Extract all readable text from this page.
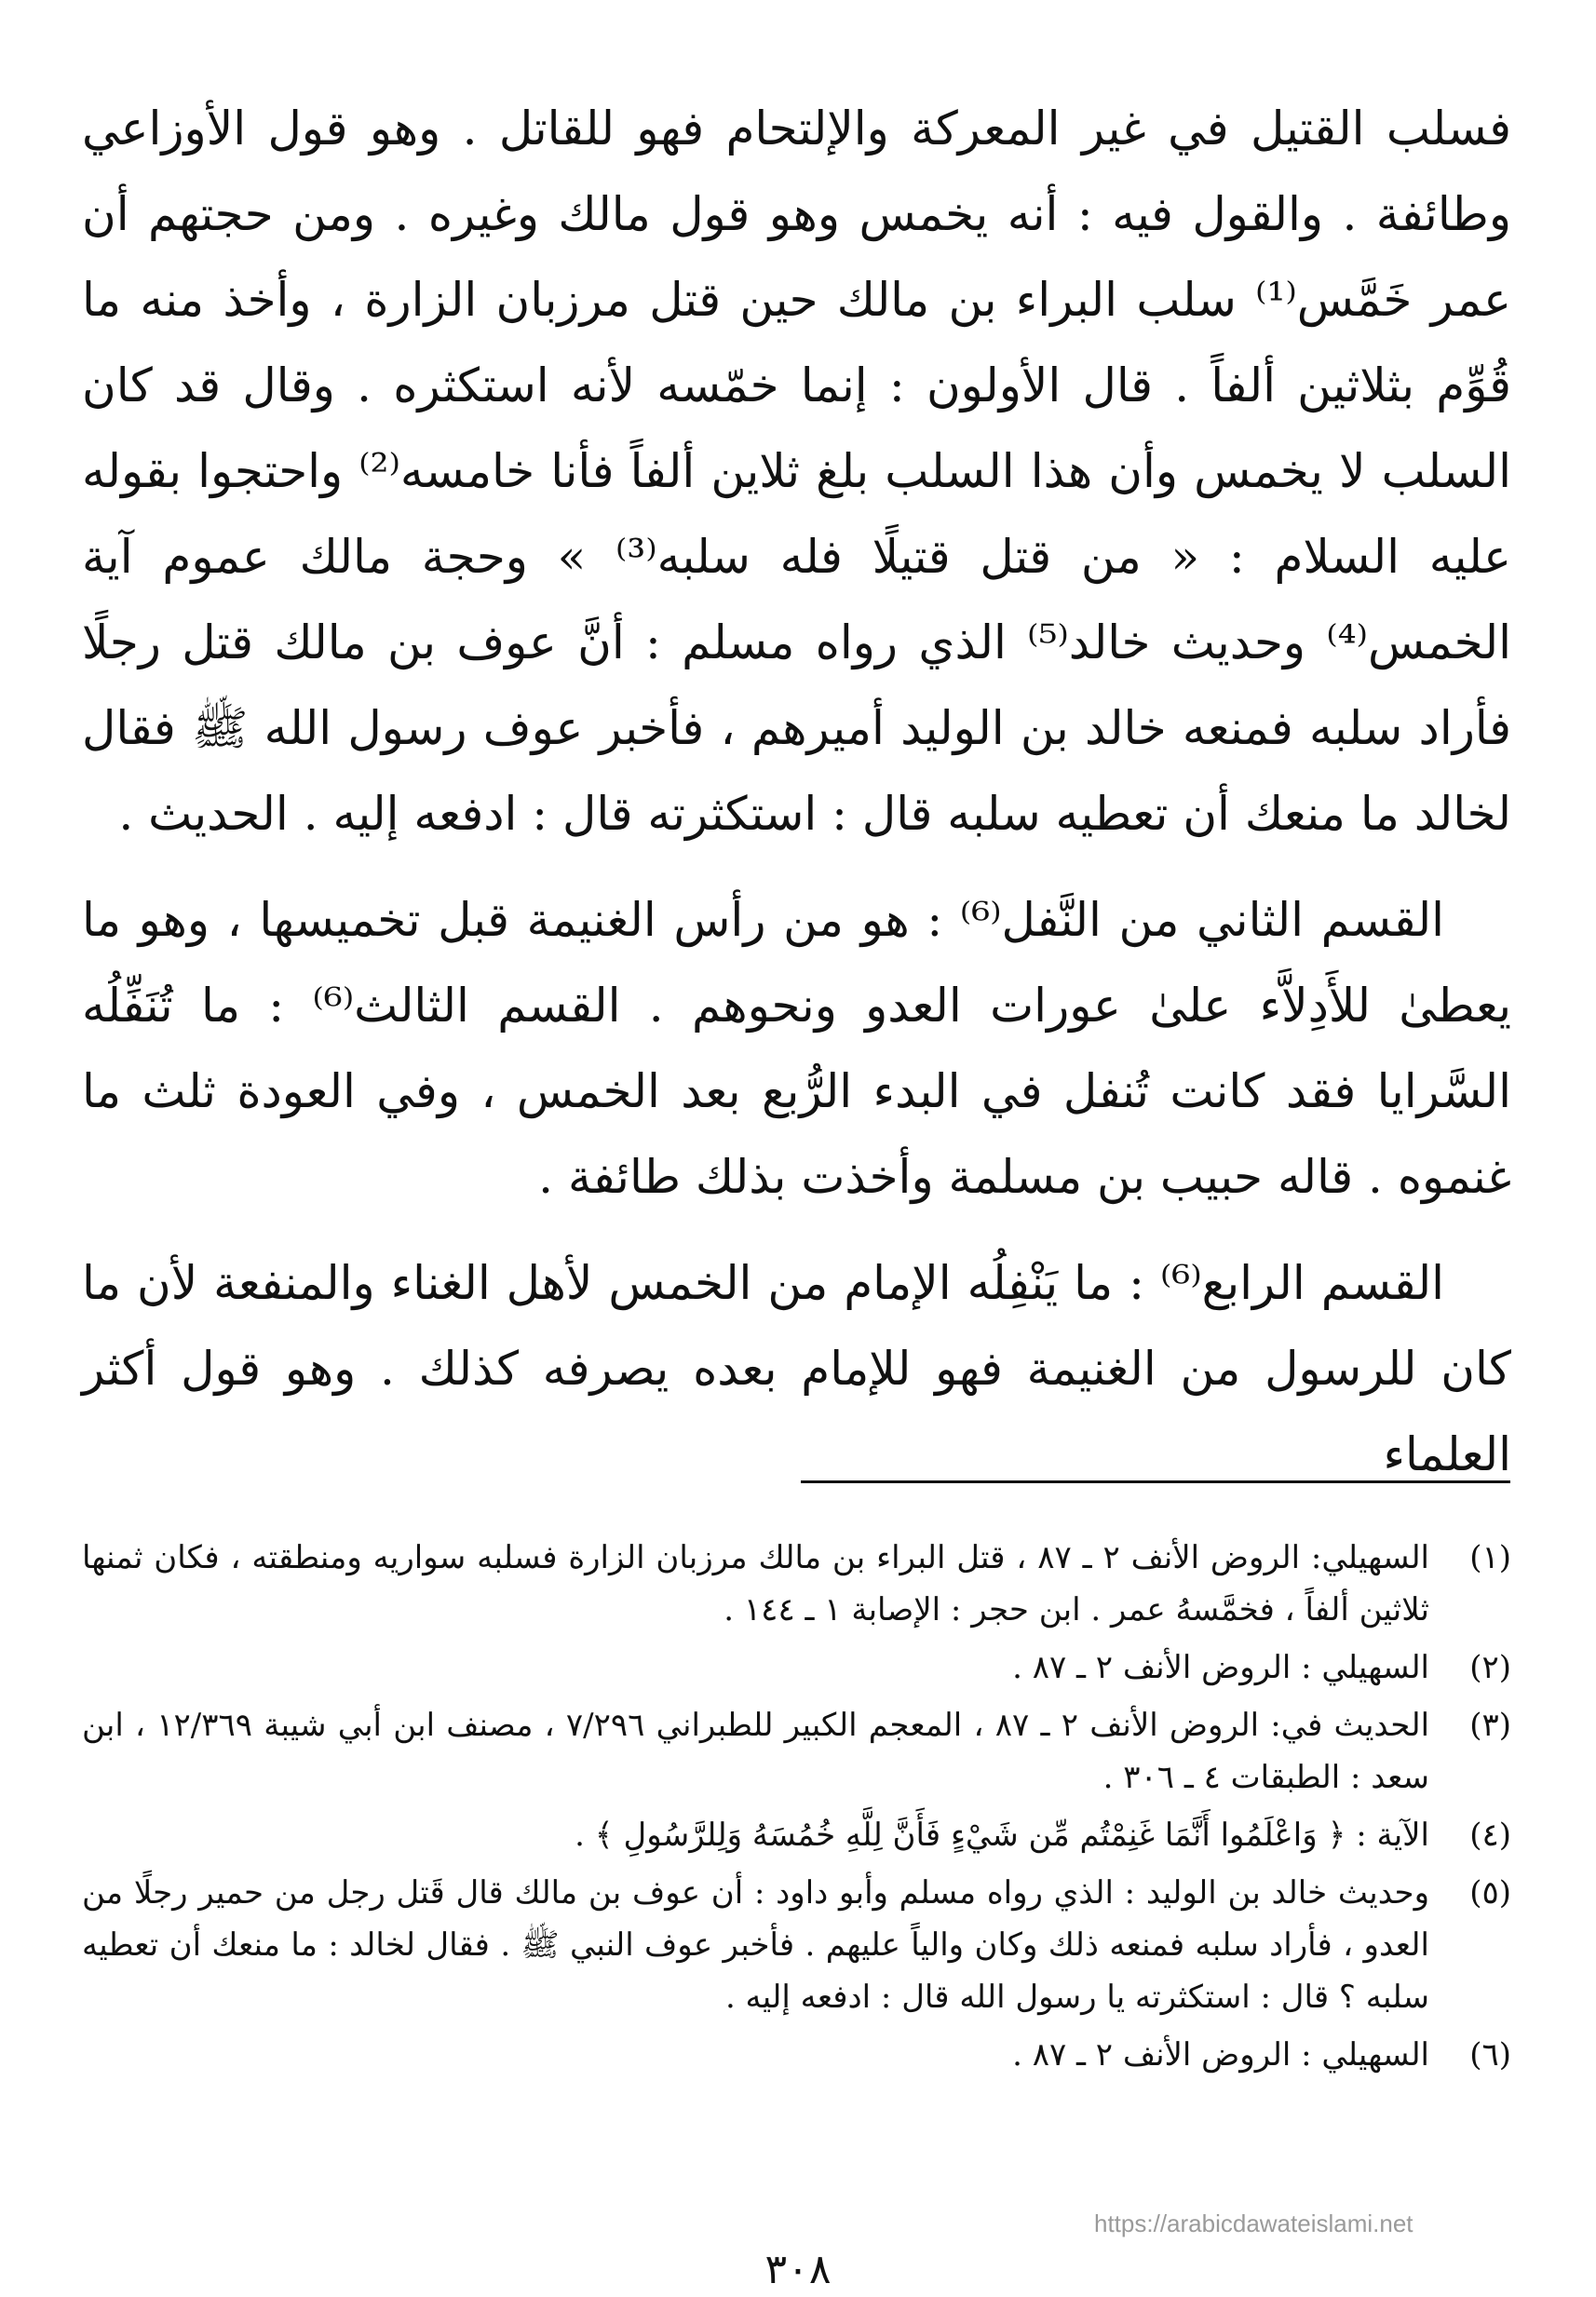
فسلب القتيل في غير المعركة والإلتحام فهو للقاتل . وهو قول الأوزاعي وطائفة . والقول فيه : أنه يخمس وهو قول مالك وغيره . ومن حجتهم أن عمر خَمَّس⁽¹⁾ سلب البراء بن مالك حين قتل مرزبان الزارة ، وأخذ منه ما قُوِّم بثلاثين ألفاً . قال الأولون : إنما خمّسه لأنه استكثره . وقال قد كان السلب لا يخمس وأن هذا السلب بلغ ثلاين ألفاً فأنا خامسه⁽²⁾ واحتجوا بقوله عليه السلام : « من قتل قتيلًا فله سلبه⁽³⁾ » وحجة مالك عموم آية الخمس⁽⁴⁾ وحديث خالد⁽⁵⁾ الذي رواه مسلم : أنَّ عوف بن مالك قتل رجلًا فأراد سلبه فمنعه خالد بن الوليد أميرهم ، فأخبر عوف رسول الله ﷺ فقال لخالد ما منعك أن تعطيه سلبه قال : استكثرته قال : ادفعه إليه . الحديث .

القسم الثاني من النَّفل⁽⁶⁾ : هو من رأس الغنيمة قبل تخميسها ، وهو ما يعطىٰ للأَدِلاَّء علىٰ عورات العدو ونحوهم . القسم الثالث⁽⁶⁾ : ما تُنَفِّلُه السَّرايا فقد كانت تُنفل في البدء الرُّبع بعد الخمس ، وفي العودة ثلث ما غنموه . قاله حبيب بن مسلمة وأخذت بذلك طائفة .

القسم الرابع⁽⁶⁾ : ما يَنْفِلُه الإمام من الخمس لأهل الغناء والمنفعة لأن ما كان للرسول من الغنيمة فهو للإمام بعده يصرفه كذلك . وهو قول أكثر العلماء

(١)
السهيلي: الروض الأنف ٢ ـ ٨٧ ، قتل البراء بن مالك مرزبان الزارة فسلبه سواريه ومنطقته ، فكان ثمنها ثلاثين ألفاً ، فخمَّسهُ عمر . ابن حجر : الإصابة ١ ـ ١٤٤ .
(٢)
السهيلي : الروض الأنف ٢ ـ ٨٧ .
(٣)
الحديث في: الروض الأنف ٢ ـ ٨٧ ، المعجم الكبير للطبراني ٧/٢٩٦ ، مصنف ابن أبي شيبة ١٢/٣٦٩ ، ابن سعد : الطبقات ٤ ـ ٣٠٦ .
(٤)
الآية : ﴿ وَاعْلَمُوا أَنَّمَا غَنِمْتُم مِّن شَيْءٍ فَأَنَّ لِلَّهِ خُمُسَهُ وَلِلرَّسُولِ ﴾ .
(٥)
وحديث خالد بن الوليد : الذي رواه مسلم وأبو داود : أن عوف بن مالك قال قَتل رجل من حمير رجلًا من العدو ، فأراد سلبه فمنعه ذلك وكان والياً عليهم . فأخبر عوف النبي ﷺ . فقال لخالد : ما منعك أن تعطيه سلبه ؟ قال : استكثرته يا رسول الله قال : ادفعه إليه .
(٦)
السهيلي : الروض الأنف ٢ ـ ٨٧ .
https://arabicdawateislami.net
٣٠٨
